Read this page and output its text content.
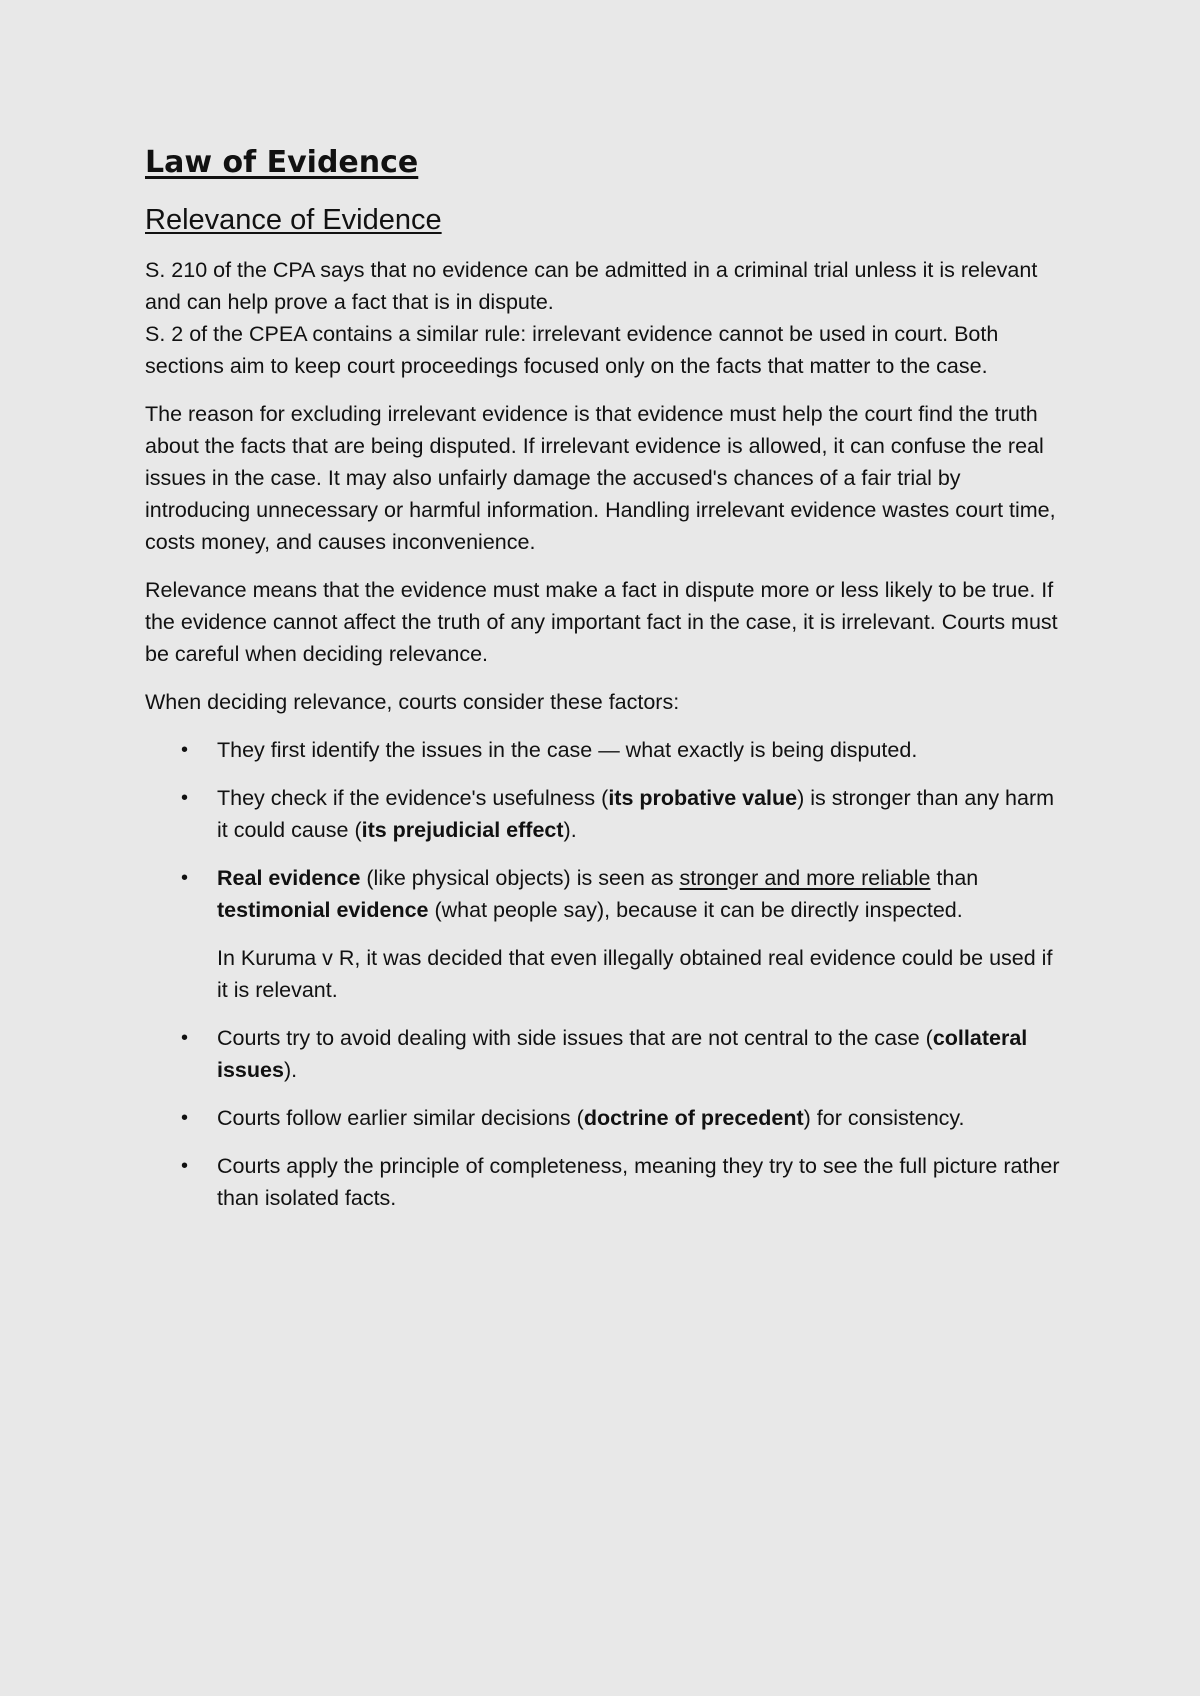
Law of Evidence
Relevance of Evidence

S. 210 of the CPA says that no evidence can be admitted in a criminal trial unless it is relevant and can help prove a fact that is in dispute.
S. 2 of the CPEA contains a similar rule: irrelevant evidence cannot be used in court. Both sections aim to keep court proceedings focused only on the facts that matter to the case.

The reason for excluding irrelevant evidence is that evidence must help the court find the truth about the facts that are being disputed. If irrelevant evidence is allowed, it can confuse the real issues in the case. It may also unfairly damage the accused's chances of a fair trial by introducing unnecessary or harmful information. Handling irrelevant evidence wastes court time, costs money, and causes inconvenience.

Relevance means that the evidence must make a fact in dispute more or less likely to be true. If the evidence cannot affect the truth of any important fact in the case, it is irrelevant. Courts must be careful when deciding relevance.

When deciding relevance, courts consider these factors:

• They first identify the issues in the case — what exactly is being disputed.
• They check if the evidence's usefulness (its probative value) is stronger than any harm it could cause (its prejudicial effect).
• Real evidence (like physical objects) is seen as stronger and more reliable than testimonial evidence (what people say), because it can be directly inspected.

In Kuruma v R, it was decided that even illegally obtained real evidence could be used if it is relevant.

• Courts try to avoid dealing with side issues that are not central to the case (collateral issues).
• Courts follow earlier similar decisions (doctrine of precedent) for consistency.
• Courts apply the principle of completeness, meaning they try to see the full picture rather than isolated facts.
